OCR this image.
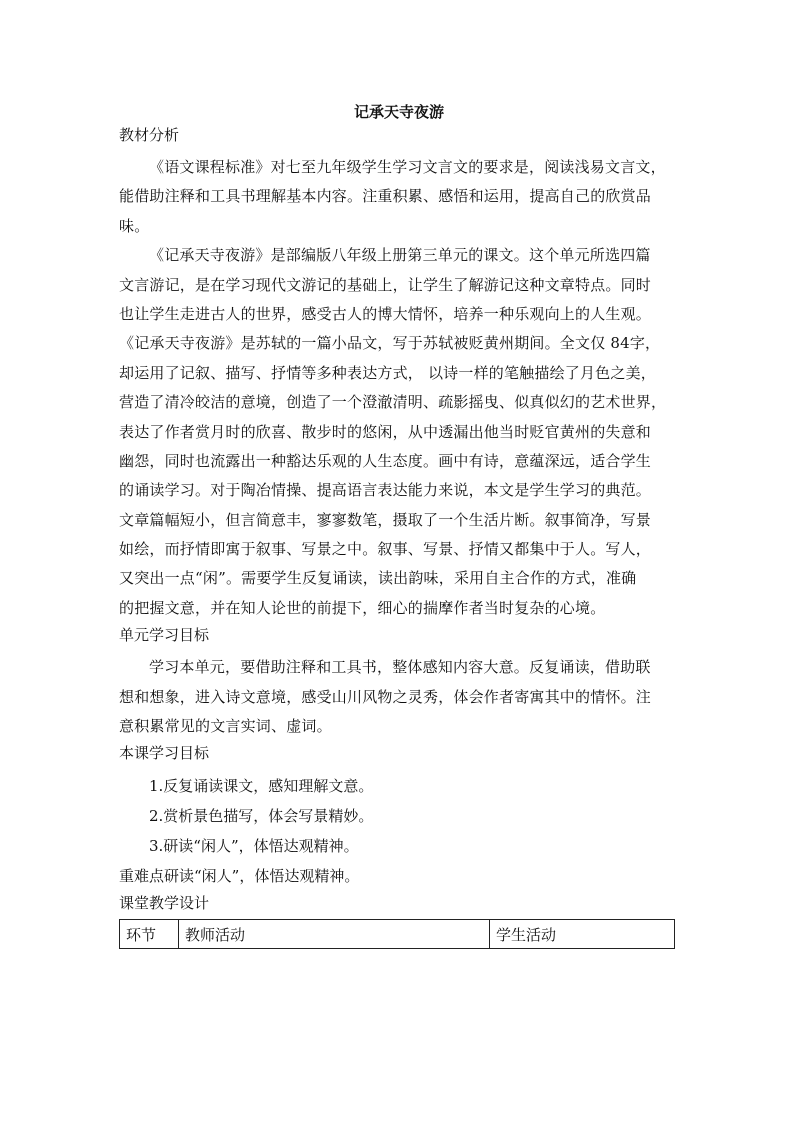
记承天寺夜游
教材分析

《语文课程标准》对七至九年级学生学习文言文的要求是，阅读浅易文言文，
能借助注释和工具书理解基本内容。注重积累、感悟和运用，提高自己的欣赏品
味。

《记承天寺夜游》是部编版八年级上册第三单元的课文。这个单元所选四篇
文言游记，是在学习现代文游记的基础上，让学生了解游记这种文章特点。同时
也让学生走进古人的世界，感受古人的博大情怀，培养一种乐观向上的人生观。
《记承天寺夜游》是苏轼的一篇小品文，写于苏轼被贬黄州期间。全文仅 84字，
却运用了记叙、描写、抒情等多种表达方式， 以诗一样的笔触描绘了月色之美，
营造了清冷皎洁的意境，创造了一个澄澈清明、疏影摇曳、似真似幻的艺术世界，
表达了作者赏月时的欣喜、散步时的悠闲，从中透漏出他当时贬官黄州的失意和
幽怨，同时也流露出一种豁达乐观的人生态度。画中有诗，意蕴深远，适合学生
的诵读学习。对于陶冶情操、提高语言表达能力来说，本文是学生学习的典范。
文章篇幅短小，但言简意丰，寥寥数笔，摄取了一个生活片断。叙事简净，写景
如绘，而抒情即寓于叙事、写景之中。叙事、写景、抒情又都集中于人。写人，
又突出一点“闲”。需要学生反复诵读，读出韵味，采用自主合作的方式，准确
的把握文意，并在知人论世的前提下，细心的揣摩作者当时复杂的心境。

单元学习目标

学习本单元，要借助注释和工具书，整体感知内容大意。反复诵读，借助联
想和想象，进入诗文意境，感受山川风物之灵秀，体会作者寄寓其中的情怀。注
意积累常见的文言实词、虚词。

本课学习目标

1.反复诵读课文，感知理解文意。

2.赏析景色描写，体会写景精妙。

3.研读“闲人”，体悟达观精神。

重难点研读“闲人”，体悟达观精神。

课堂教学设计
环节	教师活动	学生活动
